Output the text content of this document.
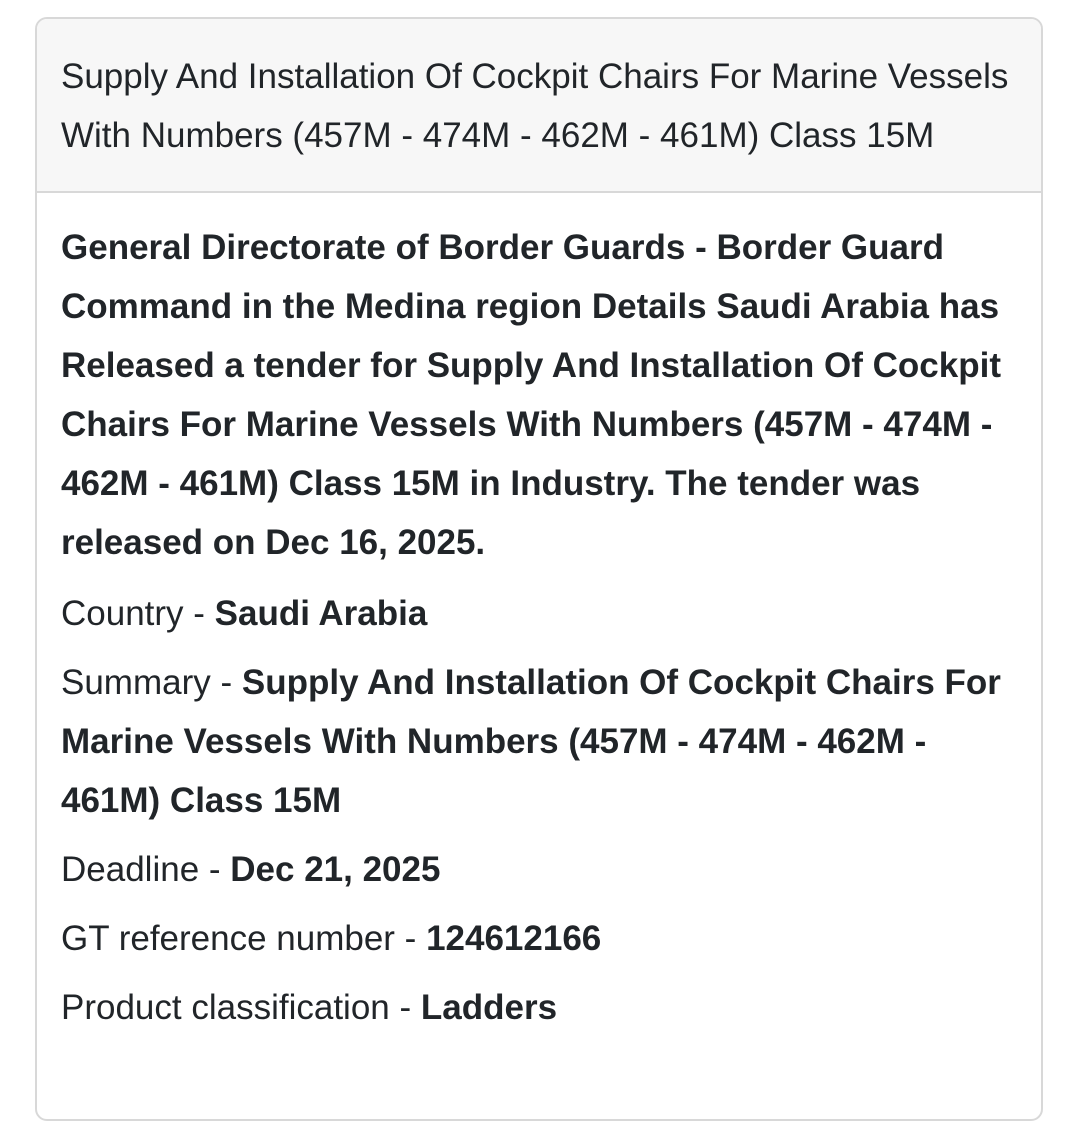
Supply And Installation Of Cockpit Chairs For Marine Vessels With Numbers (457M - 474M - 462M - 461M) Class 15M

General Directorate of Border Guards - Border Guard Command in the Medina region Details Saudi Arabia has Released a tender for Supply And Installation Of Cockpit Chairs For Marine Vessels With Numbers (457M - 474M - 462M - 461M) Class 15M in Industry. The tender was released on Dec 16, 2025.

Country - Saudi Arabia

Summary - Supply And Installation Of Cockpit Chairs For Marine Vessels With Numbers (457M - 474M - 462M - 461M) Class 15M

Deadline - Dec 21, 2025

GT reference number - 124612166

Product classification - Ladders
